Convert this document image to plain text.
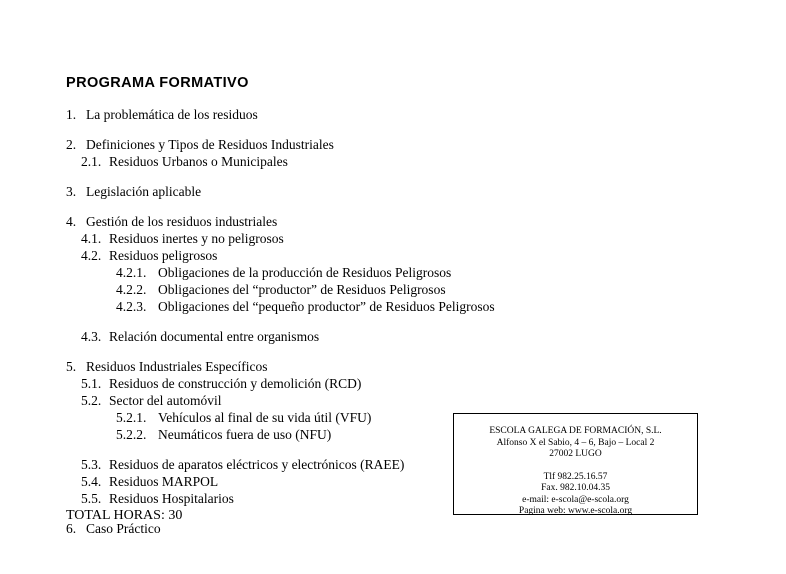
PROGRAMA FORMATIVO
1. La problemática de los residuos
2. Definiciones y Tipos de Residuos Industriales
2.1. Residuos Urbanos o Municipales
3. Legislación aplicable
4. Gestión de los residuos industriales
4.1. Residuos inertes y no peligrosos
4.2. Residuos peligrosos
4.2.1. Obligaciones de la producción de Residuos Peligrosos
4.2.2. Obligaciones del “productor” de Residuos Peligrosos
4.2.3. Obligaciones del “pequeño productor” de Residuos Peligrosos
4.3. Relación documental entre organismos
5. Residuos Industriales Específicos
5.1. Residuos de construcción y demolición (RCD)
5.2. Sector del automóvil
5.2.1. Vehículos al final de su vida útil (VFU)
5.2.2. Neumáticos fuera de uso (NFU)
5.3. Residuos de aparatos eléctricos y electrónicos (RAEE)
5.4. Residuos MARPOL
5.5. Residuos Hospitalarios
6. Caso Práctico
TOTAL HORAS: 30
ESCOLA GALEGA DE FORMACIÓN, S.L.
Alfonso X el Sabio, 4 – 6, Bajo – Local 2
27002 LUGO
Tlf 982.25.16.57
Fax. 982.10.04.35
e-mail: e-scola@e-scola.org
Pagina web: www.e-scola.org
